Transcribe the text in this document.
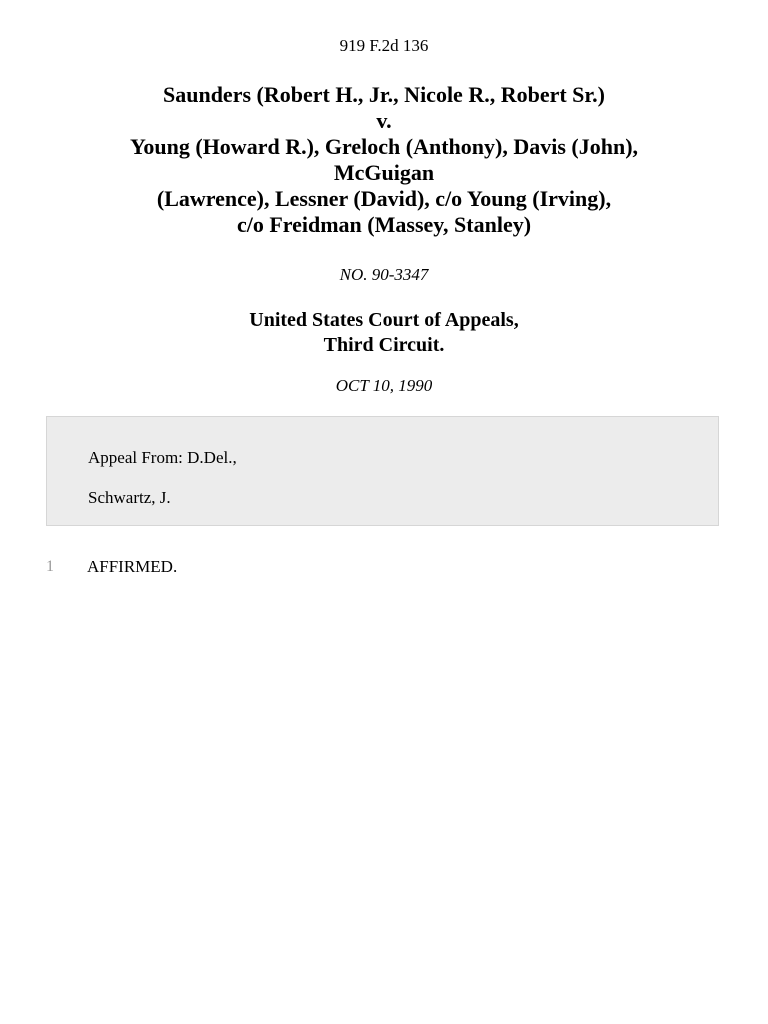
919 F.2d 136
Saunders (Robert H., Jr., Nicole R., Robert Sr.)
v.
Young (Howard R.), Greloch (Anthony), Davis (John),
McGuigan
(Lawrence), Lessner (David), c/o Young (Irving),
c/o Freidman (Massey, Stanley)
NO. 90-3347
United States Court of Appeals,
Third Circuit.
OCT 10, 1990
Appeal From: D.Del.,
Schwartz, J.
1 AFFIRMED.
